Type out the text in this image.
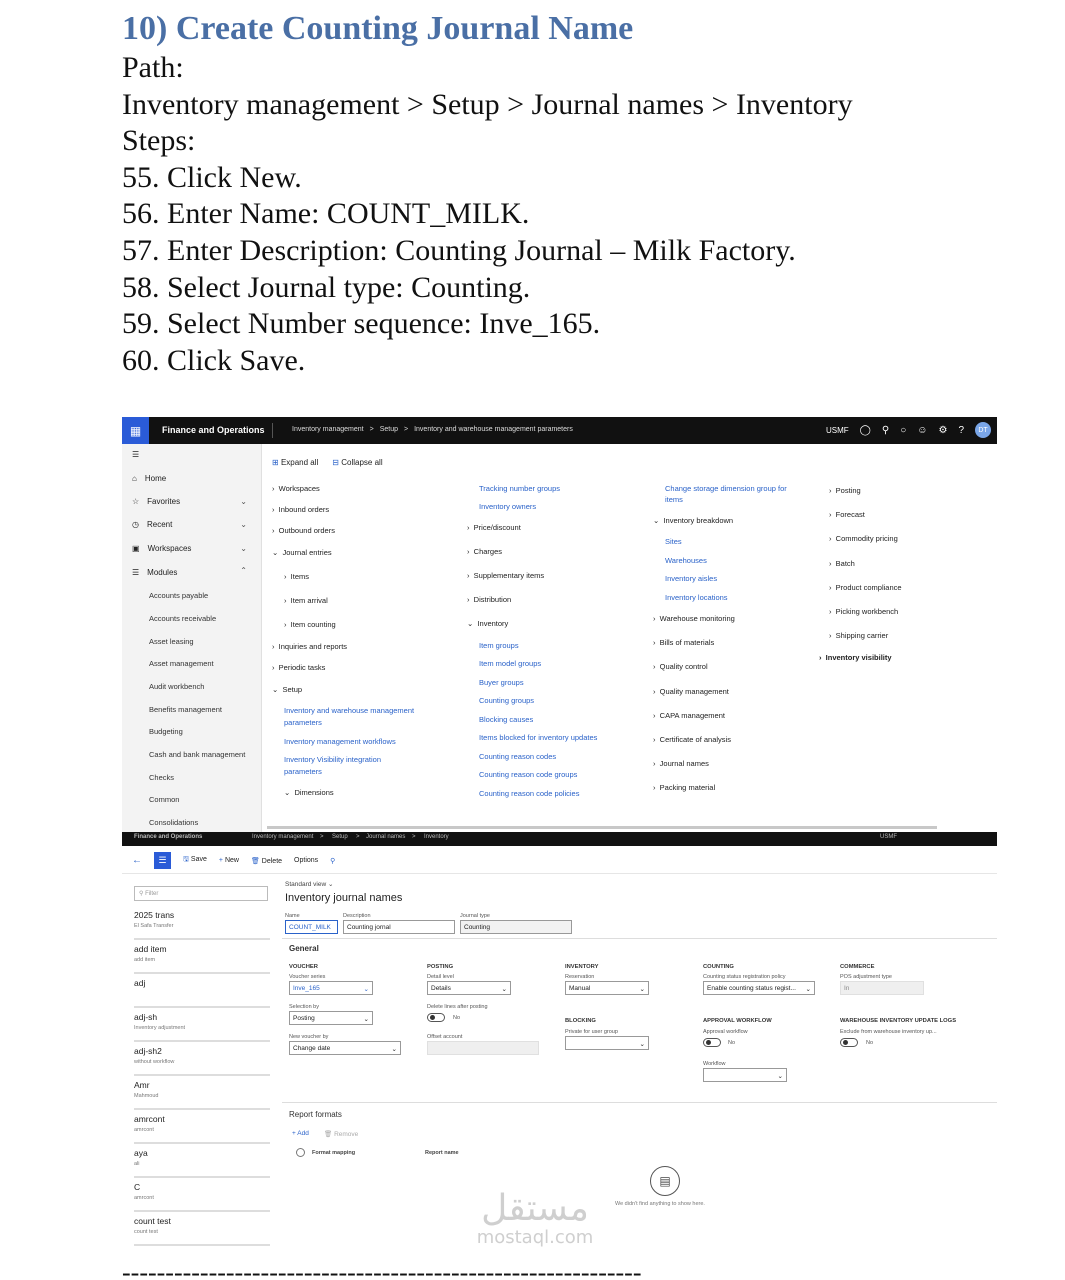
10) Create Counting Journal Name
Path:
Inventory management > Setup > Journal names > Inventory
Steps:
55. Click New.
56. Enter Name: COUNT_MILK.
57. Enter Description: Counting Journal – Milk Factory.
58. Select Journal type: Counting.
59. Select Number sequence: Inve_165.
60. Click Save.
▦	Finance and Operations	Inventory management > Setup > Inventory and warehouse management parameters	USMF ◯ ⚲ ○ ☺ ⚙ ?	DT
☰
⌂ Home
☆ Favorites	⌄
◷ Recent	⌄
▣ Workspaces	⌄
☰ Modules	⌃
Accounts payable
Accounts receivable
Asset leasing
Asset management
Audit workbench
Benefits management
Budgeting
Cash and bank management
Checks
Common
Consolidations
⊞ Expand all ⊟ Collapse all
›  Workspaces
›  Inbound orders
›  Outbound orders
⌄  Journal entries
›  Items
›  Item arrival
›  Item counting
›  Inquiries and reports
›  Periodic tasks
⌄  Setup
Inventory and warehouse management
parameters
Inventory management workflows
Inventory Visibility integration
parameters
⌄  Dimensions
Tracking number groups
Inventory owners
›  Price/discount
›  Charges
›  Supplementary items
›  Distribution
⌄  Inventory
Item groups
Item model groups
Buyer groups
Counting groups
Blocking causes
Items blocked for inventory updates
Counting reason codes
Counting reason code groups
Counting reason code policies
Change storage dimension group for
items
⌄  Inventory breakdown
Sites
Warehouses
Inventory aisles
Inventory locations
›  Warehouse monitoring
›  Bills of materials
›  Quality control
›  Quality management
›  CAPA management
›  Certificate of analysis
›  Journal names
›  Packing material
›  Posting
›  Forecast
›  Commodity pricing
›  Batch
›  Product compliance
›  Picking workbench
›  Shipping carrier
›  Inventory visibility
Finance and Operations	Inventory management > Setup > Journal names > Inventory	USMF
←	☰	🖫 Save + New 🗑 Delete Options ⚲
⚲ Filter
2025 trans
El Safa Transfer
add item
add item
adj
adj-sh
Inventory adjustment
adj-sh2
without workflow
Amr
Mahmoud
amrcont
amrcont
aya
ali
C
amrcont
count test
count test
Standard view ⌄
Inventory journal names
Name
COUNT_MILK
Description
Counting jornal
Journal type
Counting
General
VOUCHER
Voucher series
Inve_165	⌄
Selection by
Posting	⌄
New voucher by
Change date	⌄
POSTING
Detail level
Details	⌄
Delete lines after posting
No
Offset account
INVENTORY
Reservation
Manual	⌄
BLOCKING
Private for user group
⌄
COUNTING
Counting status registration policy
Enable counting status regist... ⌄
APPROVAL WORKFLOW
Approval workflow
No
Workflow
⌄
COMMERCE
POS adjustment type
In
WAREHOUSE INVENTORY UPDATE LOGS
Exclude from warehouse inventory up...
No
Report formats
+ Add 🗑 Remove
Format mapping	Report name
▤
We didn't find anything to show here.
مستقل
mostaql.com
------------------------------------------------------------
